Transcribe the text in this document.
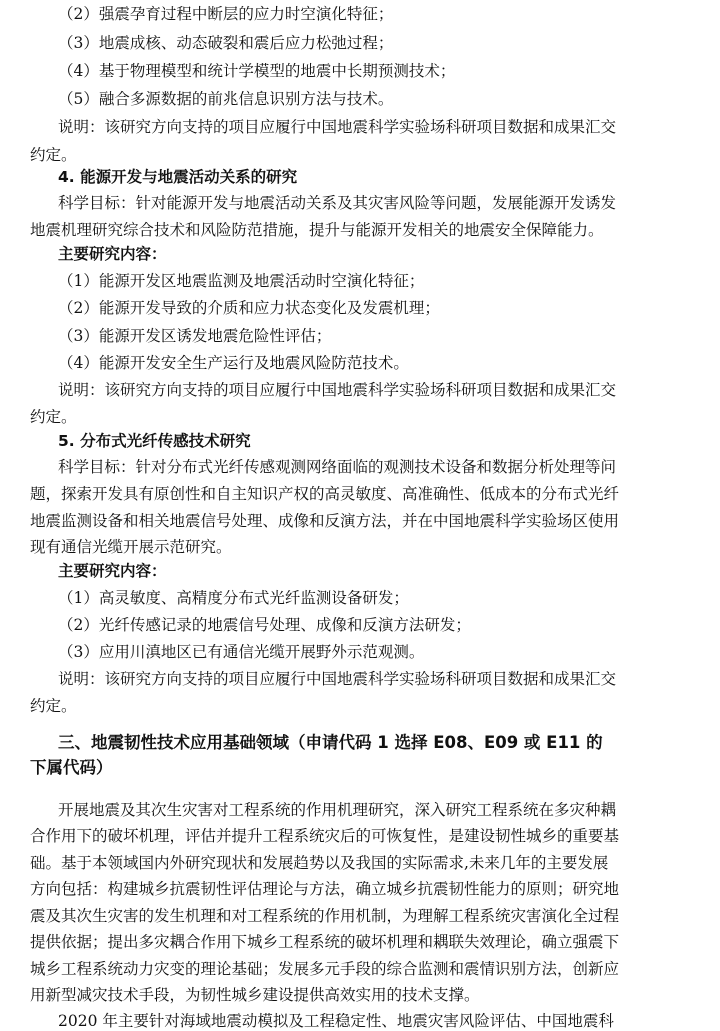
（2）强震孕育过程中断层的应力时空演化特征；

（3）地震成核、动态破裂和震后应力松弛过程；

（4）基于物理模型和统计学模型的地震中长期预测技术；

（5）融合多源数据的前兆信息识别方法与技术。

说明：该研究方向支持的项目应履行中国地震科学实验场科研项目数据和成果汇交

约定。

4. 能源开发与地震活动关系的研究

科学目标：针对能源开发与地震活动关系及其灾害风险等问题，发展能源开发诱发

地震机理研究综合技术和风险防范措施，提升与能源开发相关的地震安全保障能力。

主要研究内容：

（1）能源开发区地震监测及地震活动时空演化特征；

（2）能源开发导致的介质和应力状态变化及发震机理；

（3）能源开发区诱发地震危险性评估；

（4）能源开发安全生产运行及地震风险防范技术。

说明：该研究方向支持的项目应履行中国地震科学实验场科研项目数据和成果汇交

约定。

5. 分布式光纤传感技术研究

科学目标：针对分布式光纤传感观测网络面临的观测技术设备和数据分析处理等问

题，探索开发具有原创性和自主知识产权的高灵敏度、高准确性、低成本的分布式光纤

地震监测设备和相关地震信号处理、成像和反演方法，并在中国地震科学实验场区使用

现有通信光缆开展示范研究。

主要研究内容：

（1）高灵敏度、高精度分布式光纤监测设备研发；

（2）光纤传感记录的地震信号处理、成像和反演方法研发；

（3）应用川滇地区已有通信光缆开展野外示范观测。

说明：该研究方向支持的项目应履行中国地震科学实验场科研项目数据和成果汇交

约定。

三、地震韧性技术应用基础领域（申请代码 1 选择 E08、E09 或 E11 的

下属代码）

开展地震及其次生灾害对工程系统的作用机理研究，深入研究工程系统在多灾种耦

合作用下的破坏机理，评估并提升工程系统灾后的可恢复性，是建设韧性城乡的重要基

础。基于本领域国内外研究现状和发展趋势以及我国的实际需求,未来几年的主要发展

方向包括：构建城乡抗震韧性评估理论与方法，确立城乡抗震韧性能力的原则；研究地

震及其次生灾害的发生机理和对工程系统的作用机制，为理解工程系统灾害演化全过程

提供依据；提出多灾耦合作用下城乡工程系统的破坏机理和耦联失效理论，确立强震下

城乡工程系统动力灾变的理论基础；发展多元手段的综合监测和震情识别方法，创新应

用新型减灾技术手段，为韧性城乡建设提供高效实用的技术支撑。

2020 年主要针对海域地震动模拟及工程稳定性、地震灾害风险评估、中国地震科
